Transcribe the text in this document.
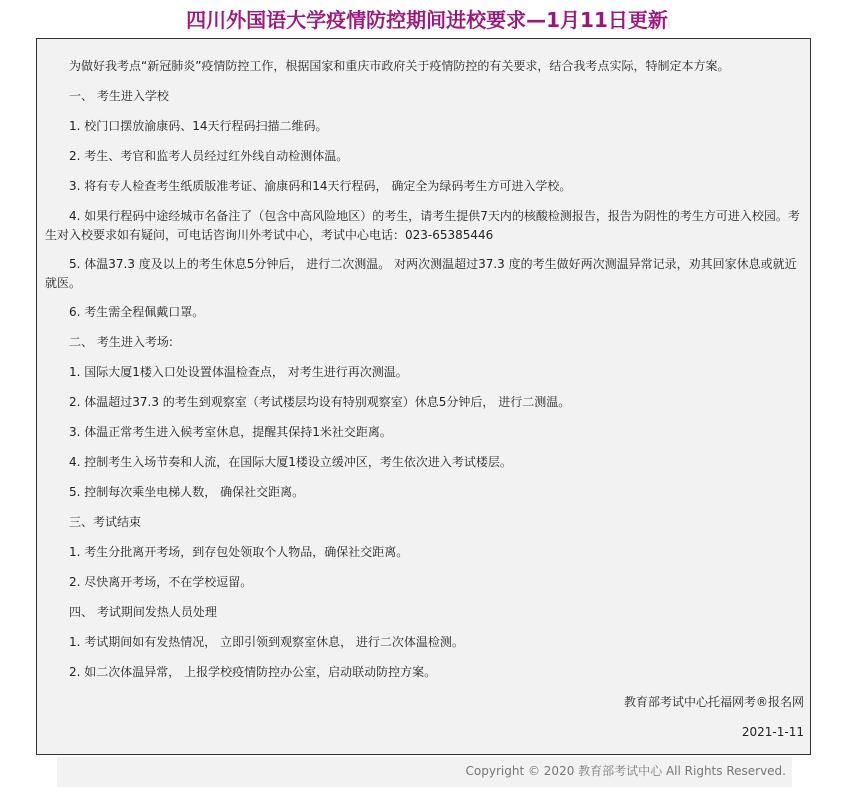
四川外国语大学疫情防控期间进校要求—1月11日更新
为做好我考点“新冠肺炎”疫情防控工作，根据国家和重庆市政府关于疫情防控的有关要求，结合我考点实际，特制定本方案。
一、 考生进入学校
1. 校门口摆放渝康码、14天行程码扫描二维码。
2. 考生、考官和监考人员经过红外线自动检测体温。
3. 将有专人检查考生纸质版准考证、渝康码和14天行程码， 确定全为绿码考生方可进入学校。
4. 如果行程码中途经城市名备注了（包含中高风险地区）的考生，请考生提供7天内的核酸检测报告，报告为阴性的考生方可进入校园。考生对入校要求如有疑问，可电话咨询川外考试中心，考试中心电话：023-65385446
5. 体温37.3 度及以上的考生休息5分钟后， 进行二次测温。 对两次测温超过37.3 度的考生做好两次测温异常记录，劝其回家休息或就近就医。
6. 考生需全程佩戴口罩。
二、 考生进入考场:
1. 国际大厦1楼入口处设置体温检查点， 对考生进行再次测温。
2. 体温超过37.3 的考生到观察室（考试楼层均设有特别观察室）休息5分钟后， 进行二测温。
3. 体温正常考生进入候考室休息，提醒其保持1米社交距离。
4. 控制考生入场节奏和人流，在国际大厦1楼设立缓冲区，考生依次进入考试楼层。
5. 控制每次乘坐电梯人数， 确保社交距离。
三、考试结束
1. 考生分批离开考场，到存包处领取个人物品，确保社交距离。
2. 尽快离开考场，不在学校逗留。
四、 考试期间发热人员处理
1. 考试期间如有发热情况， 立即引领到观察室休息， 进行二次体温检测。
2. 如二次体温异常， 上报学校疫情防控办公室，启动联动防控方案。
教育部考试中心托福网考®报名网
2021-1-11
Copyright © 2020 教育部考试中心 All Rights Reserved.
